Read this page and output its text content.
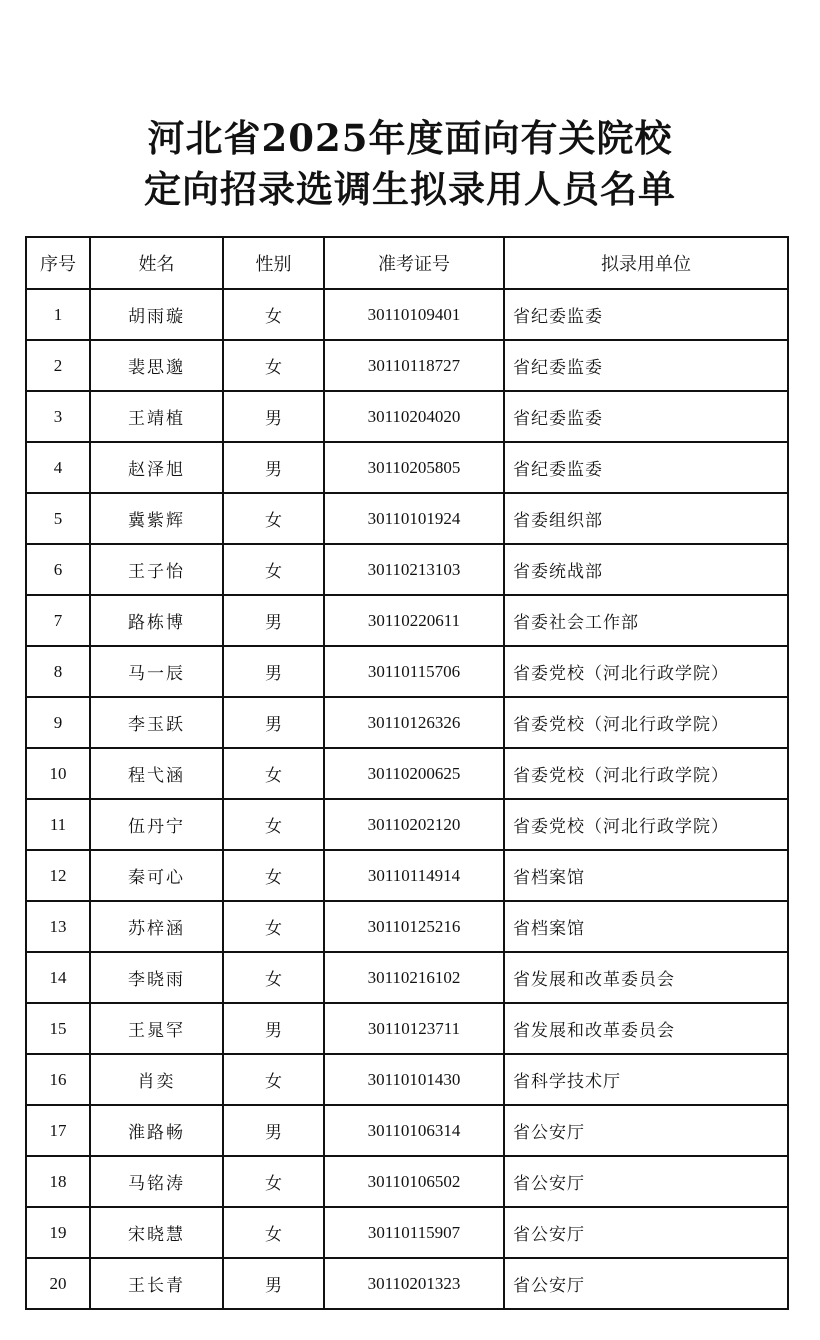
河北省2025年度面向有关院校
定向招录选调生拟录用人员名单
序号	姓名	性别	准考证号	拟录用单位
1	胡雨璇	女	30110109401	省纪委监委
2	裴思邈	女	30110118727	省纪委监委
3	王靖植	男	30110204020	省纪委监委
4	赵泽旭	男	30110205805	省纪委监委
5	冀紫辉	女	30110101924	省委组织部
6	王子怡	女	30110213103	省委统战部
7	路栋博	男	30110220611	省委社会工作部
8	马一辰	男	30110115706	省委党校（河北行政学院）
9	李玉跃	男	30110126326	省委党校（河北行政学院）
10	程弋涵	女	30110200625	省委党校（河北行政学院）
11	伍丹宁	女	30110202120	省委党校（河北行政学院）
12	秦可心	女	30110114914	省档案馆
13	苏梓涵	女	30110125216	省档案馆
14	李晓雨	女	30110216102	省发展和改革委员会
15	王晁罕	男	30110123711	省发展和改革委员会
16	肖奕	女	30110101430	省科学技术厅
17	淮路畅	男	30110106314	省公安厅
18	马铭涛	女	30110106502	省公安厅
19	宋晓慧	女	30110115907	省公安厅
20	王长青	男	30110201323	省公安厅
